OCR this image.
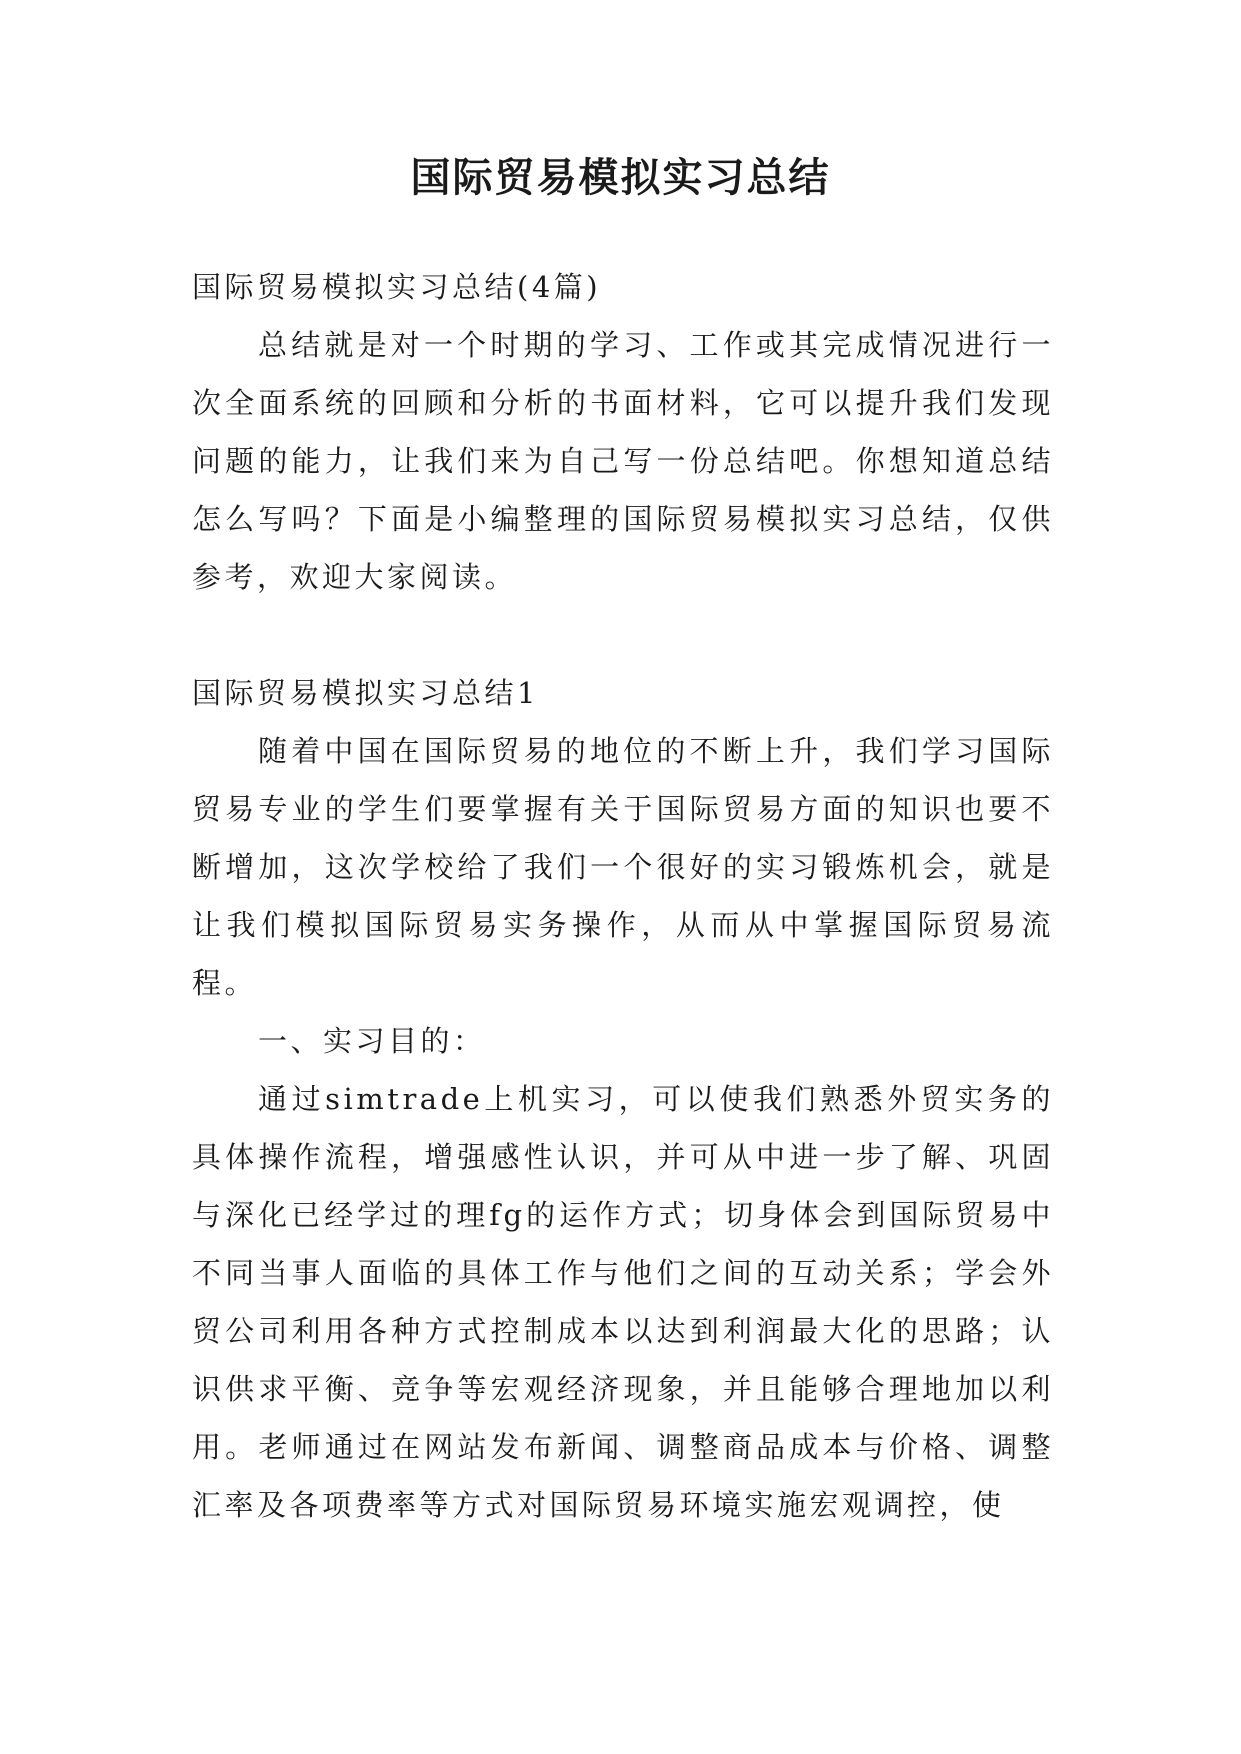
国际贸易模拟实习总结

国际贸易模拟实习总结(4篇)

总结就是对一个时期的学习、工作或其完成情况进行一次全面系统的回顾和分析的书面材料，它可以提升我们发现问题的能力，让我们来为自己写一份总结吧。你想知道总结怎么写吗？下面是小编整理的国际贸易模拟实习总结，仅供参考，欢迎大家阅读。

国际贸易模拟实习总结1

随着中国在国际贸易的地位的不断上升，我们学习国际贸易专业的学生们要掌握有关于国际贸易方面的知识也要不断增加，这次学校给了我们一个很好的实习锻炼机会，就是让我们模拟国际贸易实务操作，从而从中掌握国际贸易流程。

一、实习目的：

通过simtrade上机实习，可以使我们熟悉外贸实务的具体操作流程，增强感性认识，并可从中进一步了解、巩固与深化已经学过的理fg的运作方式；切身体会到国际贸易中不同当事人面临的具体工作与他们之间的互动关系；学会外贸公司利用各种方式控制成本以达到利润最大化的思路；认识供求平衡、竞争等宏观经济现象，并且能够合理地加以利用。老师通过在网站发布新闻、调整商品成本与价格、调整汇率及各项费率等方式对国际贸易环境实施宏观调控，使
